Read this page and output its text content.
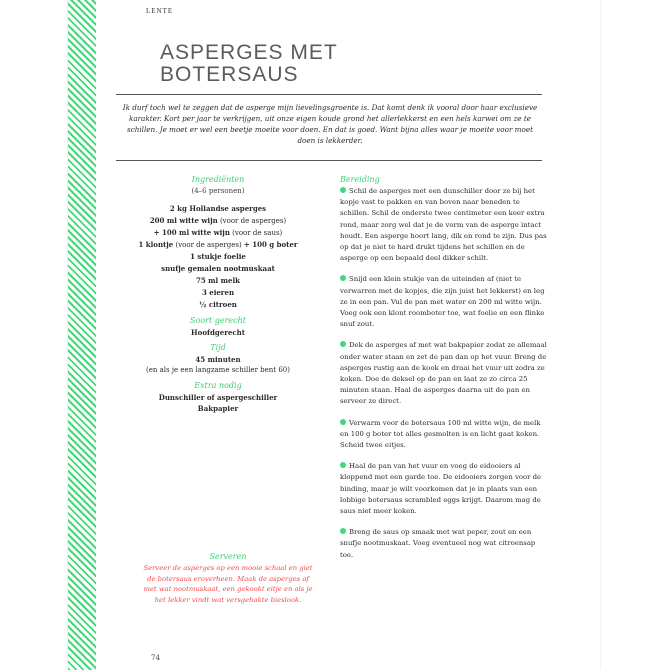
LENTE
ASPERGES MET
BOTERSAUS
Ik durf toch wel te zeggen dat de asperge mijn lievelingsgroente is. Dat komt denk ik vooral door haar exclusieve karakter. Kort per jaar te verkrijgen, uit onze eigen koude grond het allerlekkerst en een hels karwei om ze te schillen. Je moet er wel een beetje moeite voor doen. En dat is goed. Want bijna alles waar je moeite voor moet doen is lekkerder.
Ingrediënten
(4–6 personen)
2 kg Hollandse asperges
200 ml witte wijn (voor de asperges)
+ 100 ml witte wijn (voor de saus)
1 klontje (voor de asperges) + 100 g boter
1 stukje foelie
snufje gemalen nootmuskaat
75 ml melk
3 eieren
½ citroen
Soort gerecht
Hoofdgerecht
Tijd
45 minuten
(en als je een langzame schiller bent 60)
Extra nodig
Dunschiller of aspergeschiller
Bakpapier
Serveren
Serveer de asperges op een mooie schaal en giet de botersaus eroverheen. Maak de asperges af met wat nootmuskaat, een gekookt eitje en als je het lekker vindt wat versgehakte bieslook.
Bereiding

Schil de asperges met een dunschiller door ze bij het kopje vast te pakken en van boven naar beneden te schillen. Schil de onderste twee centimeter een keer extra rond, maar zorg wel dat je de vorm van de asperge intact houdt. Een asperge hoort lang, dik en rond te zijn. Dus pas op dat je niet te hard drukt tijdens het schillen en de asperge op een bepaald deel dikker schilt.

Snijd een klein stukje van de uiteinden af (niet te verwarren met de kopjes, die zijn juist het lekkerst) en leg ze in een pan. Vul de pan met water en 200 ml witte wijn. Voeg ook een klont roomboter toe, wat foelie en een flinke snuf zout.

Dek de asperges af met wat bakpapier zodat ze allemaal onder water staan en zet de pan dan op het vuur. Breng de asperges rustig aan de kook en draai het vuur uit zodra ze koken. Doe de deksel op de pan en laat ze zo circa 25 minuten staan. Haal de asperges daarna uit de pan en serveer ze direct.

Verwarm voor de botersaus 100 ml witte wijn, de melk en 100 g boter tot alles gesmolten is en licht gaat koken. Scheid twee eitjes.

Haal de pan van het vuur en voeg de eidooiers al kloppend met een garde toe. De eidooiers zorgen voor de binding, maar je wilt voorkomen dat je in plaats van een lobbige botersaus scrambled eggs krijgt. Daarom mag de saus niet meer koken.

Breng de saus op smaak met wat peper, zout en een snufje nootmuskaat. Voeg eventueel nog wat citroensap toe.

74
